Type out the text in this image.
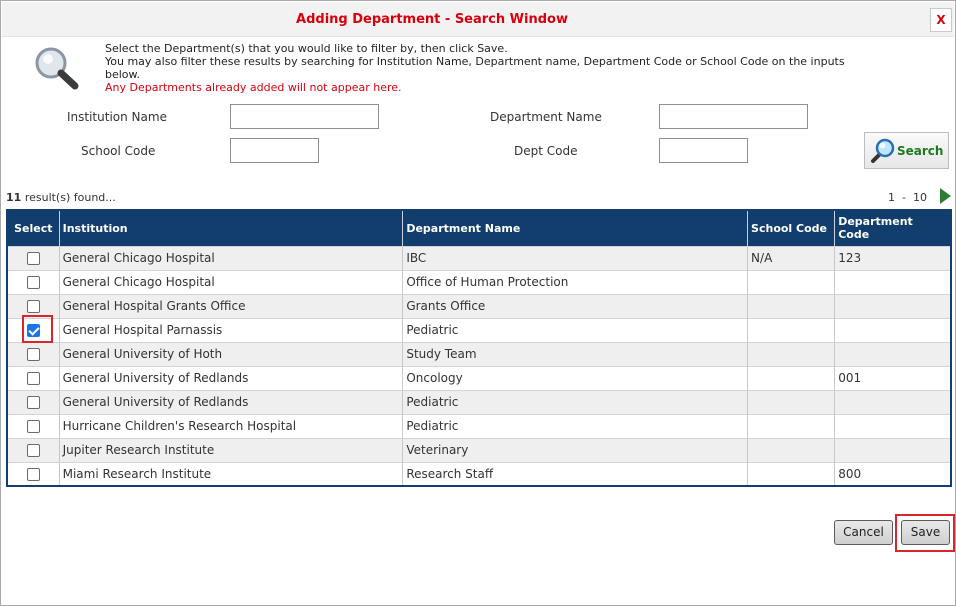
Adding Department - Search Window	X
Select the Department(s) that you would like to filter by, then click Save.
You may also filter these results by searching for Institution Name, Department name, Department Code or School Code on the inputs below.
Any Departments already added will not appear here.
Institution Name	Department Name
School Code	Dept Code	Search
11 result(s) found...	1  -  10
Select	Institution	Department Name	School Code	Department Code
	General Chicago Hospital	IBC	N/A	123
	General Chicago Hospital	Office of Human Protection		
	General Hospital Grants Office	Grants Office		
	General Hospital Parnassis	Pediatric		
	General University of Hoth	Study Team		
	General University of Redlands	Oncology		001
	General University of Redlands	Pediatric		
	Hurricane Children's Research Hospital	Pediatric		
	Jupiter Research Institute	Veterinary		
	Miami Research Institute	Research Staff		800
Cancel	Save
